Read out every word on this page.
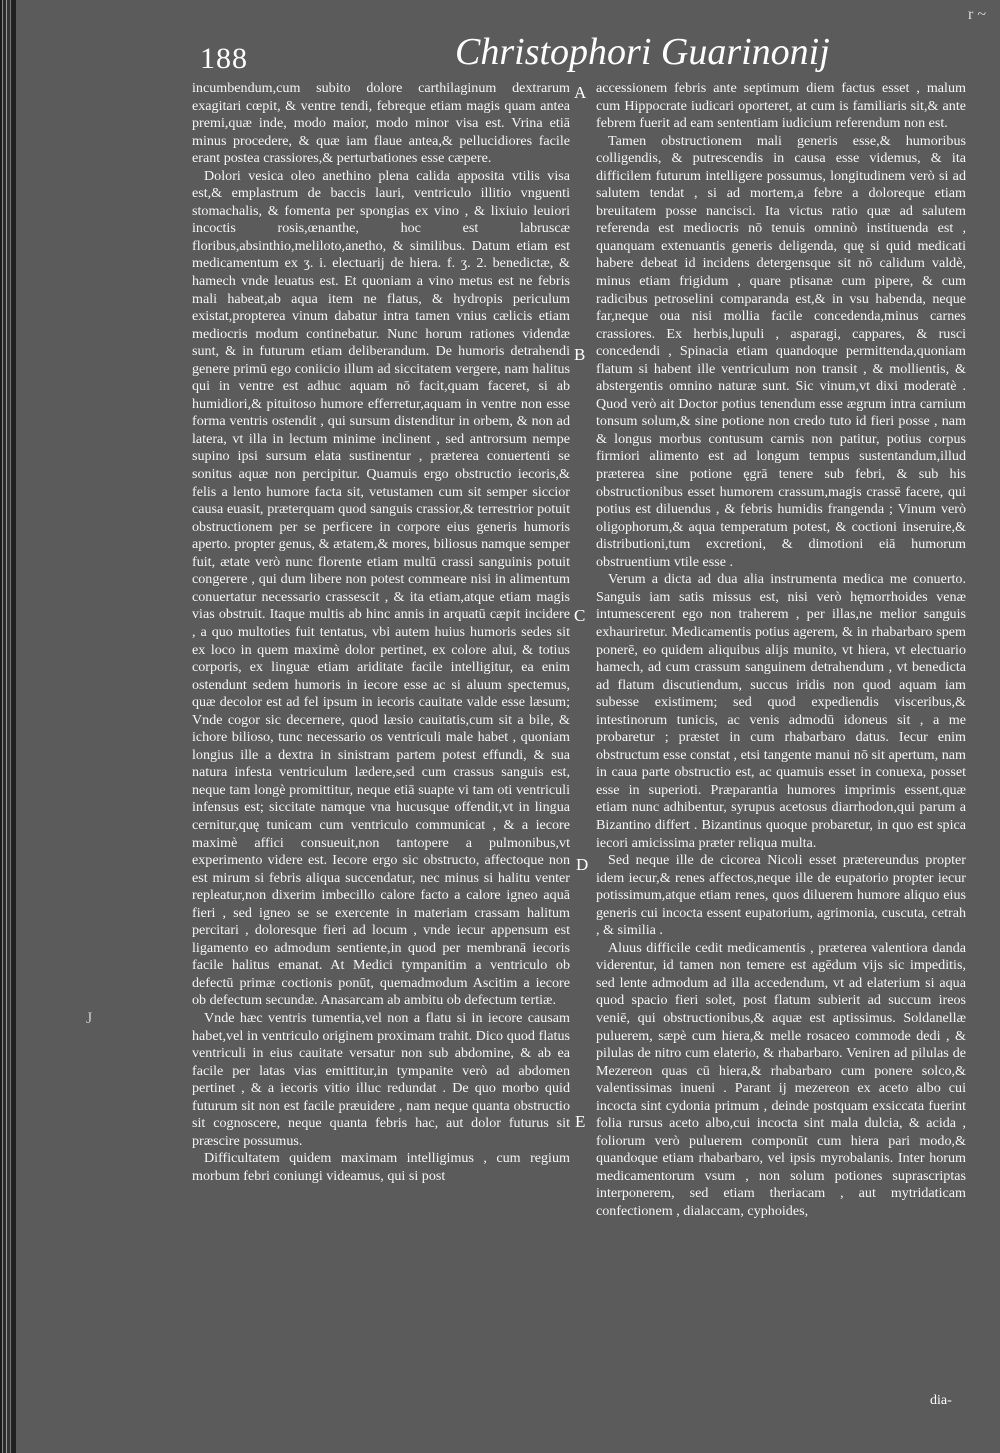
188	Christophori Guarinonij
r ~
J

incumbendum,cum subito dolore carthilaginum dextrarum exagitari cœpit, & ventre tendi, febreque etiam magis quam antea premi,quæ inde, modo maior, modo minor visa est. Vrina etiā minus procedere, & quæ iam flaue antea,& pellucidiores facile erant postea crassiores,& perturbationes esse cæpere.

Dolori vesica oleo anethino plena calida apposita vtilis visa est,& emplastrum de baccis lauri, ventriculo illitio vnguenti stomachalis, & fomenta per spongias ex vino , & lixiuio leuiori incoctis rosis,œnanthe, hoc est labruscæ floribus,absinthio,meliloto,anetho, & similibus. Datum etiam est medicamentum ex ʒ. i. electuarij de hiera. f. ʒ. 2. benedictæ, & hamech vnde leuatus est. Et quoniam a vino metus est ne febris mali habeat,ab aqua item ne flatus, & hydropis periculum existat,propterea vinum dabatur intra tamen vnius cælicis etiam mediocris modum continebatur. Nunc horum rationes videndæ sunt, & in futurum etiam deliberandum. De humoris detrahendi genere primū ego coniicio illum ad siccitatem vergere, nam halitus qui in ventre est adhuc aquam nō facit,quam faceret, si ab humidiori,& pituitoso humore efferretur,aquam in ventre non esse forma ventris ostendit , qui sursum distenditur in orbem, & non ad latera, vt illa in lectum minime inclinent , sed antrorsum nempe supino ipsi sursum elata sustinentur , præterea conuertenti se sonitus aquæ non percipitur. Quamuis ergo obstructio iecoris,& felis a lento humore facta sit, vetustamen cum sit semper siccior causa euasit, præterquam quod sanguis crassior,& terrestrior potuit obstructionem per se perficere in corpore eius generis humoris aperto. propter genus, & ætatem,& mores, biliosus namque semper fuit, ætate verò nunc florente etiam multū crassi sanguinis potuit congerere , qui dum libere non potest commeare nisi in alimentum conuertatur necessario crassescit , & ita etiam,atque etiam magis vias obstruit. Itaque multis ab hinc annis in arquatū cæpit incidere , a quo multoties fuit tentatus, vbi autem huius humoris sedes sit ex loco in quem maximè dolor pertinet, ex colore alui, & totius corporis, ex linguæ etiam ariditate facile intelligitur, ea enim ostendunt sedem humoris in iecore esse ac si aluum spectemus, quæ decolor est ad fel ipsum in iecoris cauitate valde esse læsum; Vnde cogor sic decernere, quod læsio cauitatis,cum sit a bile, & ichore bilioso, tunc necessario os ventriculi male habet , quoniam longius ille a dextra in sinistram partem potest effundi, & sua natura infesta ventriculum lædere,sed cum crassus sanguis est, neque tam longè promittitur, neque etiā suapte vi tam oti ventriculi infensus est; siccitate namque vna hucusque offendit,vt in lingua cernitur,quę tunicam cum ventriculo communicat , & a iecore maximè affici consueuit,non tantopere a pulmonibus,vt experimento videre est. Iecore ergo sic obstructo, affectoque non est mirum si febris aliqua succendatur, nec minus si halitu venter repleatur,non dixerim imbecillo calore facto a calore igneo aquā fieri , sed igneo se se exercente in materiam crassam halitum percitari , doloresque fieri ad locum , vnde iecur appensum est ligamento eo admodum sentiente,in quod per membranā iecoris facile halitus emanat. At Medici tympanitim a ventriculo ob defectū primæ coctionis ponūt, quemadmodum Ascitim a iecore ob defectum secundæ. Anasarcam ab ambitu ob defectum tertiæ.

Vnde hæc ventris tumentia,vel non a flatu si in iecore causam habet,vel in ventriculo originem proximam trahit. Dico quod flatus ventriculi in eius cauitate versatur non sub abdomine, & ab ea facile per latas vias emittitur,in tympanite verò ad abdomen pertinet , & a iecoris vitio illuc redundat . De quo morbo quid futurum sit non est facile præuidere , nam neque quanta obstructio sit cognoscere, neque quanta febris hac, aut dolor futurus sit præscire possumus.

Difficultatem quidem maximam intelligimus , cum regium morbum febri coniungi videamus, qui si post

A
B
C
D
E

accessionem febris ante septimum diem factus esset , malum cum Hippocrate iudicari oporteret, at cum is familiaris sit,& ante febrem fuerit ad eam sententiam iudicium referendum non est.

Tamen obstructionem mali generis esse,& humoribus colligendis, & putrescendis in causa esse videmus, & ita difficilem futurum intelligere possumus, longitudinem verò si ad salutem tendat , si ad mortem,a febre a doloreque etiam breuitatem posse nancisci. Ita victus ratio quæ ad salutem referenda est mediocris nō tenuis omninò instituenda est , quanquam extenuantis generis deligenda, quę si quid medicati habere debeat id incidens detergensque sit nō calidum valdè, minus etiam frigidum , quare ptisanæ cum pipere, & cum radicibus petroselini comparanda est,& in vsu habenda, neque far,neque oua nisi mollia facile concedenda,minus carnes crassiores. Ex herbis,lupuli , asparagi, cappares, & rusci concedendi , Spinacia etiam quandoque permittenda,quoniam flatum si habent ille ventriculum non transit , & mollientis, & abstergentis omnino naturæ sunt. Sic vinum,vt dixi moderatè . Quod verò ait Doctor potius tenendum esse ægrum intra carnium tonsum solum,& sine potione non credo tuto id fieri posse , nam & longus morbus contusum carnis non patitur, potius corpus firmiori alimento est ad longum tempus sustentandum,illud præterea sine potione ęgrā tenere sub febri, & sub his obstructionibus esset humorem crassum,magis crassē facere, qui potius est diluendus , & febris humidis frangenda ; Vinum verò oligophorum,& aqua temperatum potest, & coctioni inseruire,& distributioni,tum excretioni, & dimotioni eiā humorum obstruentium vtile esse .

Verum a dicta ad dua alia instrumenta medica me conuerto. Sanguis iam satis missus est, nisi verò hęmorrhoides venæ intumescerent ego non traherem , per illas,ne melior sanguis exhauriretur. Medicamentis potius agerem, & in rhabarbaro spem ponerē, eo quidem aliquibus alijs munito, vt hiera, vt electuario hamech, ad cum crassum sanguinem detrahendum , vt benedicta ad flatum discutiendum, succus iridis non quod aquam iam subesse existimem; sed quod expediendis visceribus,& intestinorum tunicis, ac venis admodū idoneus sit , a me probaretur ; præstet in cum rhabarbaro datus. Iecur enim obstructum esse constat , etsi tangente manui nō sit apertum, nam in caua parte obstructio est, ac quamuis esset in conuexa, posset esse in superioti. Præparantia humores imprimis essent,quæ etiam nunc adhibentur, syrupus acetosus diarrhodon,qui parum a Bizantino differt . Bizantinus quoque probaretur, in quo est spica iecori amicissima præter reliqua multa.

Sed neque ille de cicorea Nicoli esset prætereundus propter idem iecur,& renes affectos,neque ille de eupatorio propter iecur potissimum,atque etiam renes, quos diluerem humore aliquo eius generis cui incocta essent eupatorium, agrimonia, cuscuta, cetrah , & similia .

Aluus difficile cedit medicamentis , præterea valentiora danda viderentur, id tamen non temere est agēdum vijs sic impeditis, sed lente admodum ad illa accedendum, vt ad elaterium si aqua quod spacio fieri solet, post flatum subierit ad succum ireos veniē, qui obstructionibus,& aquæ est aptissimus. Soldanellæ puluerem, sæpè cum hiera,& melle rosaceo commode dedi , & pilulas de nitro cum elaterio, & rhabarbaro. Veniren ad pilulas de Mezereon quas cū hiera,& rhabarbaro cum ponere solco,& valentissimas inueni . Parant ij mezereon ex aceto albo cui incocta sint cydonia primum , deinde postquam exsiccata fuerint folia rursus aceto albo,cui incocta sint mala dulcia, & acida , foliorum verò puluerem componūt cum hiera pari modo,& quandoque etiam rhabarbaro, vel ipsis myrobalanis. Inter horum medicamentorum vsum , non solum potiones suprascriptas interponerem, sed etiam theriacam , aut mytridaticam confectionem , dialaccam, cyphoides,

dia-
